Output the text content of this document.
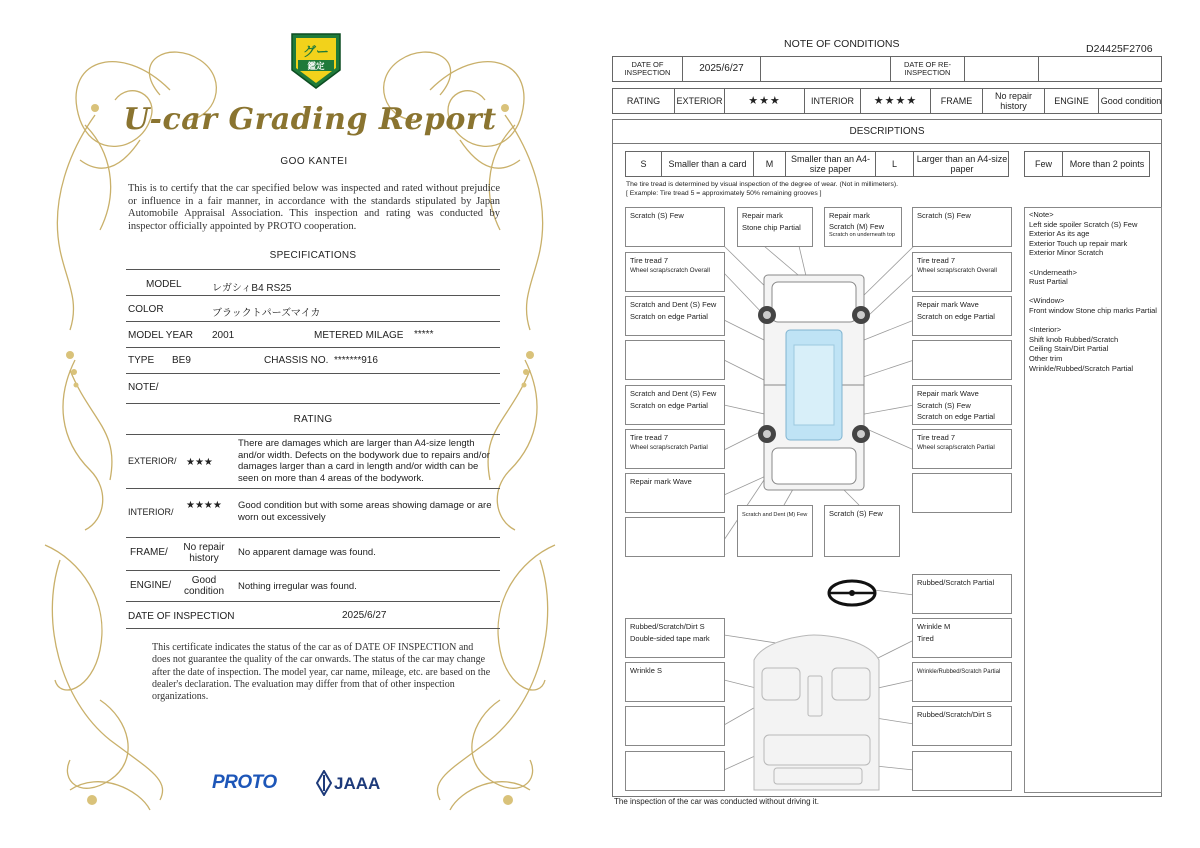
グー
鑑定
U-car Grading Report
GOO KANTEI
This is to certify that the car specified below was inspected and rated without prejudice or influence in a fair manner, in accordance with the standards stipulated by Japan Automobile Appraisal Association. This inspection and rating was conducted by inspector officially appointed by PROTO cooperation.
SPECIFICATIONS
MODEL	レガシィB4 RS25
COLOR	ブラックトパーズマイカ
MODEL YEAR 2001	METERED MILAGE *****
TYPE BE9	CHASSIS NO. *******916
NOTE/
RATING
EXTERIOR/ ★★★
There are damages which are larger than A4-size length and/or width. Defects on the bodywork due to repairs and/or damages larger than a card in length and/or width can be seen on more than 4 areas of the bodywork.
INTERIOR/
★★★★ Good condition but with some areas showing damage or are worn out excessively
FRAME/	No repair history
No apparent damage was found.
ENGINE/	Good condition	Nothing irregular was found.
DATE OF INSPECTION	2025/6/27
This certificate indicates the status of the car as of DATE OF INSPECTION and does not guarantee the quality of the car onwards. The status of the car may change after the date of inspection. The model year, car name, mileage, etc. are based on the dealer's declaration. The evaluation may differ from that of other inspection organizations.
PROTO	JAAA
NOTE OF CONDITIONS	D24425F2706
DATE OF INSPECTION	2025/6/27	DATE OF RE-INSPECTION
RATING	EXTERIOR	★★★	INTERIOR	★★★★	FRAME	No repair history	ENGINE	Good condition
DESCRIPTIONS
S	Smaller than a card	M	Smaller than an A4-size paper	L	Larger than an A4-size paper	Few	More than 2 points
The tire tread is determined by visual inspection of the degree of wear. (Not in millimeters).
[ Example: Tire tread 5 = approximately 50% remaining grooves ]
Scratch (S) Few
Tire tread 7
Wheel scrap/scratch Overall
Scratch and Dent (S) Few
Scratch on edge Partial
Scratch and Dent (S) Few
Scratch on edge Partial
Tire tread 7
Wheel scrap/scratch Partial
Repair mark Wave
Repair mark
Stone chip Partial
Repair mark
Scratch (M) Few
Scratch on underneath top
Scratch and Dent (M) Few	Scratch (S) Few
Scratch (S) Few
Tire tread 7
Wheel scrap/scratch Overall
Repair mark Wave
Scratch on edge Partial
Repair mark Wave
Scratch (S) Few
Scratch on edge Partial
Tire tread 7
Wheel scrap/scratch Partial
Rubbed/Scratch Partial
Rubbed/Scratch/Dirt S
Double-sided tape mark
Wrinkle M
Tired
Wrinkle S	Wrinkle/Rubbed/Scratch Partial
Rubbed/Scratch/Dirt S

<Note>
Left side spoiler Scratch (S) Few
Exterior As its age
Exterior Touch up repair mark
Exterior Minor Scratch

<Underneath>
Rust Partial

<Window>
Front window Stone chip marks Partial

<Interior>
Shift knob Rubbed/Scratch
Ceiling Stain/Dirt Partial
Other trim
Wrinkle/Rubbed/Scratch Partial

The inspection of the car was conducted without driving it.
